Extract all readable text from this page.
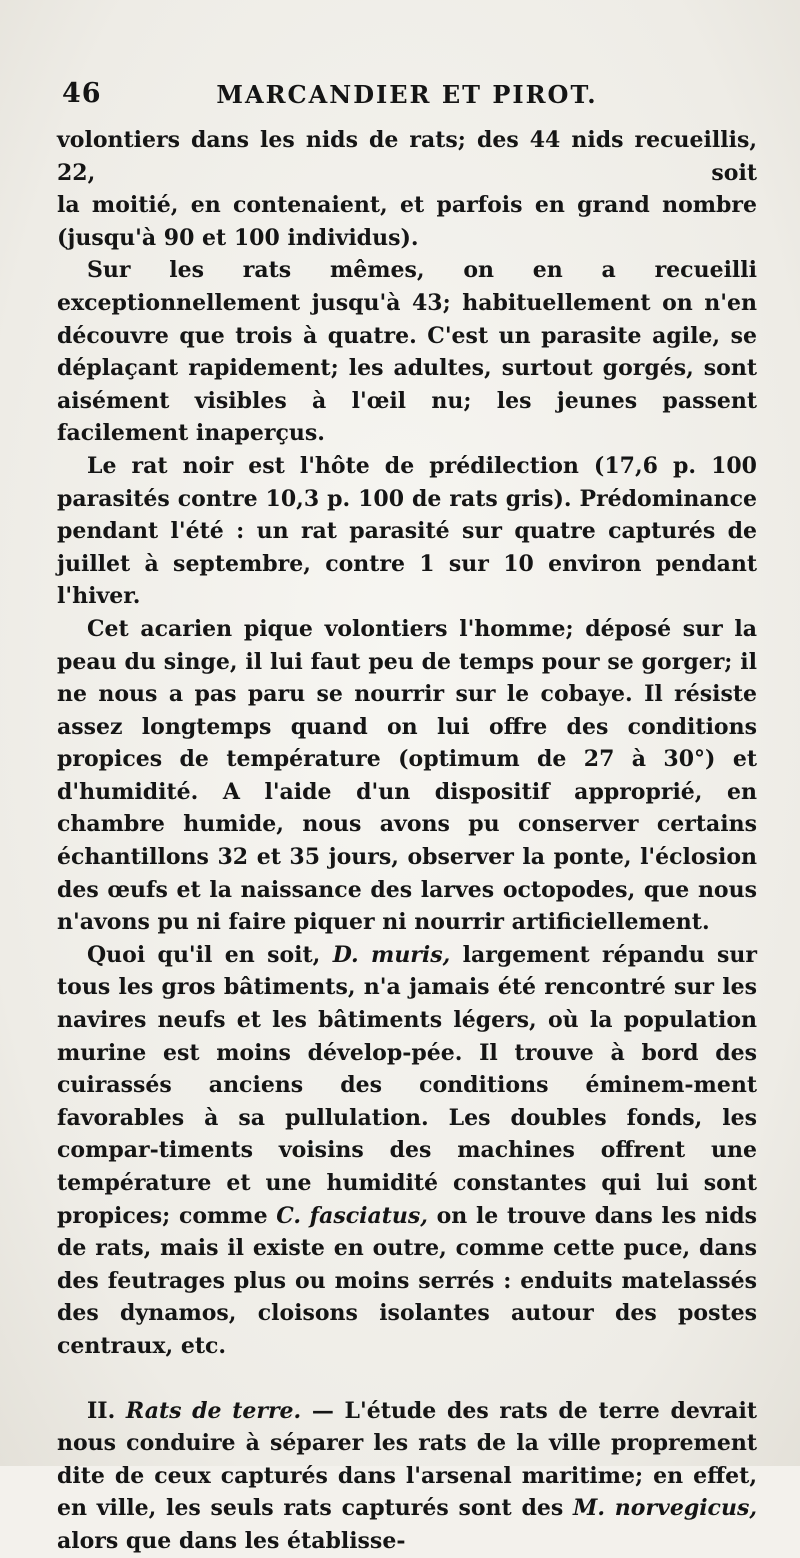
46	MARCANDIER ET PIROT.

volontiers dans les nids de rats; des 44 nids recueillis, 22, soit

la moitié, en contenaient, et parfois en grand nombre (jusqu'à 90 et 100 individus).

Sur les rats mêmes, on en a recueilli exceptionnellement jusqu'à 43; habituellement on n'en découvre que trois à quatre. C'est un parasite agile, se déplaçant rapidement; les adultes, surtout gorgés, sont aisément visibles à l'œil nu; les jeunes passent facilement inaperçus.

Le rat noir est l'hôte de prédilection (17,6 p. 100 parasités contre 10,3 p. 100 de rats gris). Prédominance pendant l'été : un rat parasité sur quatre capturés de juillet à septembre, contre 1 sur 10 environ pendant l'hiver.

Cet acarien pique volontiers l'homme; déposé sur la peau du singe, il lui faut peu de temps pour se gorger; il ne nous a pas paru se nourrir sur le cobaye. Il résiste assez longtemps quand on lui offre des conditions propices de température (optimum de 27 à 30°) et d'humidité. A l'aide d'un dispositif approprié, en chambre humide, nous avons pu conserver certains échantillons 32 et 35 jours, observer la ponte, l'éclosion des œufs et la naissance des larves octopodes, que nous n'avons pu ni faire piquer ni nourrir artificiellement.

Quoi qu'il en soit, D. muris, largement répandu sur tous les gros bâtiments, n'a jamais été rencontré sur les navires neufs et les bâtiments légers, où la population murine est moins dévelop-pée. Il trouve à bord des cuirassés anciens des conditions éminem-ment favorables à sa pullulation. Les doubles fonds, les compar-timents voisins des machines offrent une température et une humidité constantes qui lui sont propices; comme C. fasciatus, on le trouve dans les nids de rats, mais il existe en outre, comme cette puce, dans des feutrages plus ou moins serrés : enduits matelassés des dynamos, cloisons isolantes autour des postes centraux, etc.

II. Rats de terre. — L'étude des rats de terre devrait nous conduire à séparer les rats de la ville proprement dite de ceux capturés dans l'arsenal maritime; en effet, en ville, les seuls rats capturés sont des M. norvegicus, alors que dans les établisse-
